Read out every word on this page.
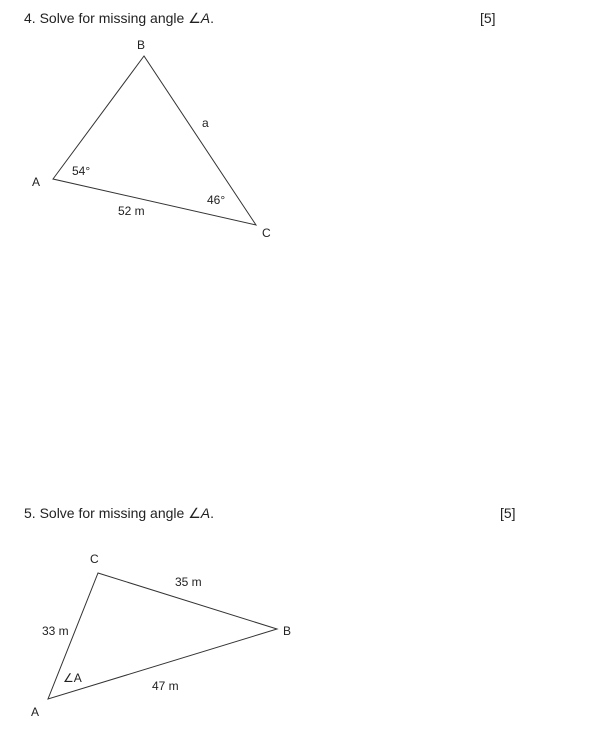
4. Solve for missing angle ∠A.	[5]
B
A
C
a
52 m
54°
46°
5. Solve for missing angle ∠A.	[5]
C
B
A
35 m
33 m
47 m
∠A
